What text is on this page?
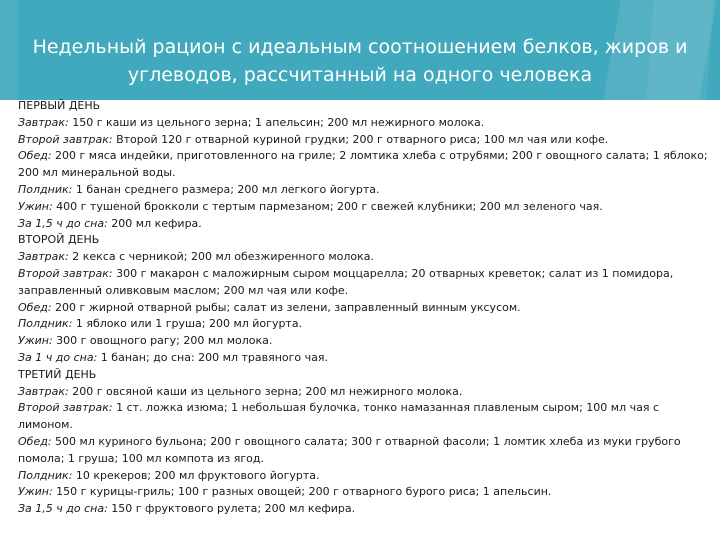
Недельный рацион с идеальным соотношением белков, жиров и углеводов, рассчитанный на одного человека

ПЕРВЫЙ ДЕНЬ

Завтрак: 150 г каши из цельного зерна; 1 апельсин; 200 мл нежирного молока.

Второй завтрак: Второй 120 г отварной куриной грудки; 200 г отварного риса; 100 мл чая или кофе.

Обед: 200 г мяса индейки, приготовленного на гриле; 2 ломтика хлеба с отрубями; 200 г овощного салата; 1 яблоко; 200 мл минеральной воды.

Полдник: 1 банан среднего размера; 200 мл легкого йогурта.

Ужин: 400 г тушеной брокколи с тертым пармезаном; 200 г свежей клубники; 200 мл зеленого чая.

За 1,5 ч до сна: 200 мл кефира.

ВТОРОЙ ДЕНЬ

Завтрак: 2 кекса с черникой; 200 мл обезжиренного молока.

Второй завтрак: 300 г макарон с маложирным сыром моццарелла; 20 отварных креветок; салат из 1 помидора, заправленный оливковым маслом; 200 мл чая или кофе.

Обед: 200 г жирной отварной рыбы; салат из зелени, заправленный винным уксусом.

Полдник: 1 яблоко или 1 груша; 200 мл йогурта.

Ужин: 300 г овощного рагу; 200 мл молока.

За 1 ч до сна: 1 банан; до сна: 200 мл травяного чая.

ТРЕТИЙ ДЕНЬ

Завтрак: 200 г овсяной каши из цельного зерна; 200 мл нежирного молока.

Второй завтрак: 1 ст. ложка изюма; 1 небольшая булочка, тонко намазанная плавленым сыром; 100 мл чая с лимоном.

Обед: 500 мл куриного бульона; 200 г овощного салата; 300 г отварной фасоли; 1 ломтик хлеба из муки грубого помола; 1 груша; 100 мл компота из ягод.

Полдник: 10 крекеров; 200 мл фруктового йогурта.

Ужин: 150 г курицы-гриль; 100 г разных овощей; 200 г отварного бурого риса; 1 апельсин.

За 1,5 ч до сна: 150 г фруктового рулета; 200 мл кефира.
